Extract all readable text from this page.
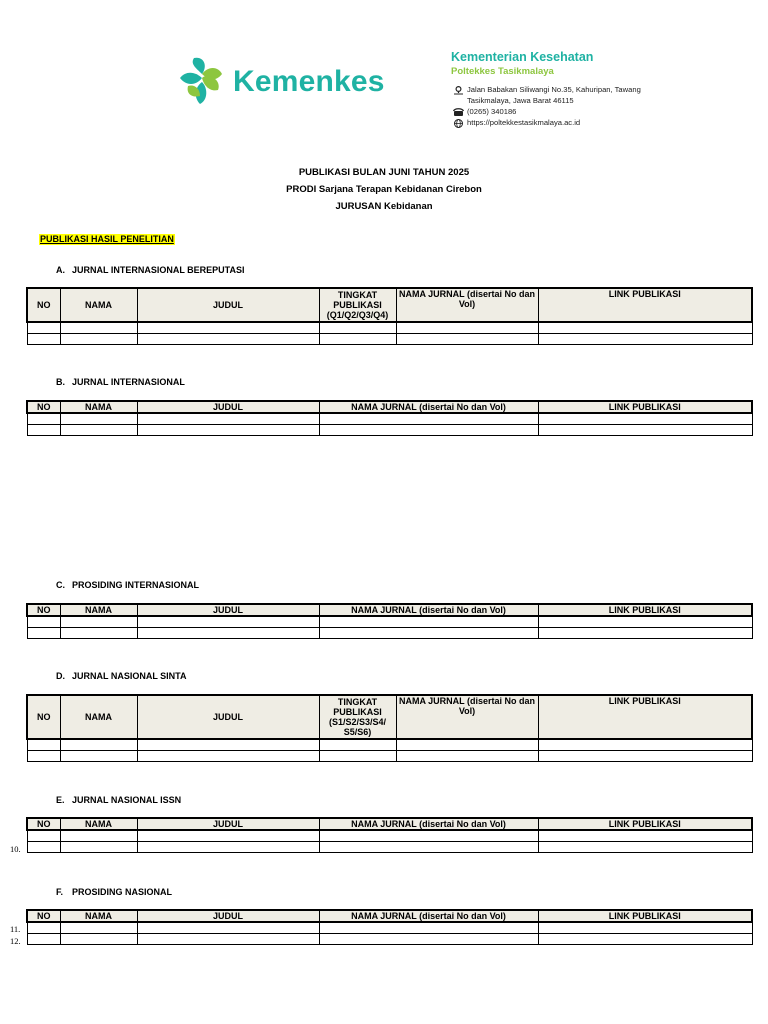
Kemenkes
Kementerian Kesehatan
Poltekkes Tasikmalaya
Jalan Babakan Siliwangi No.35, Kahuripan, Tawang
Tasikmalaya, Jawa Barat 46115
(0265) 340186
https://poltekkestasikmalaya.ac.id
PUBLIKASI BULAN JUNI TAHUN 2025
PRODI Sarjana Terapan Kebidanan Cirebon
JURUSAN Kebidanan
PUBLIKASI HASIL PENELITIAN
A. JURNAL INTERNASIONAL BEREPUTASI
NO	NAMA	JUDUL	TINGKAT PUBLIKASI (Q1/Q2/Q3/Q4)	NAMA JURNAL (disertai No dan Vol)	LINK PUBLIKASI

B. JURNAL INTERNASIONAL
NO	NAMA	JUDUL	NAMA JURNAL (disertai No dan Vol)	LINK PUBLIKASI

C. PROSIDING INTERNASIONAL
NO	NAMA	JUDUL	NAMA JURNAL (disertai No dan Vol)	LINK PUBLIKASI

D. JURNAL NASIONAL SINTA
NO	NAMA	JUDUL	TINGKAT PUBLIKASI (S1/S2/S3/S4/ S5/S6)	NAMA JURNAL (disertai No dan Vol)	LINK PUBLIKASI

E. JURNAL NASIONAL ISSN
NO	NAMA	JUDUL	NAMA JURNAL (disertai No dan Vol)	LINK PUBLIKASI

10.
F. PROSIDING NASIONAL
NO	NAMA	JUDUL	NAMA JURNAL (disertai No dan Vol)	LINK PUBLIKASI

11.
12.
